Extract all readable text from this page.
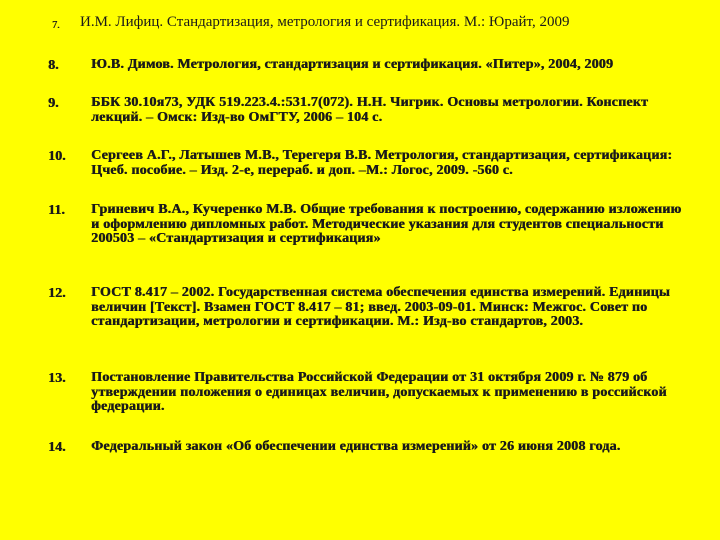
7. И.М. Лифиц. Стандартизация, метрология и сертификация. М.: Юрайт, 2009
8. Ю.В. Димов. Метрология, стандартизация и сертификация. «Питер», 2004, 2009
9. ББК 30.10я73, УДК 519.223.4.:531.7(072). Н.Н. Чигрик. Основы метрологии. Конспект лекций. – Омск: Изд-во ОмГТУ, 2006 – 104 с.
10. Сергеев А.Г., Латышев М.В., Терегеря В.В. Метрология, стандартизация, сертификация: Цчеб. пособие. – Изд. 2-е, перераб. и доп. –М.: Логос, 2009. -560 с.
11. Гриневич В.А., Кучеренко М.В. Общие требования к построению, содержанию изложению и оформлению дипломных работ. Методические указания для студентов специальности 200503 – «Стандартизация и сертификация»
12. ГОСТ 8.417 – 2002. Государственная система обеспечения единства измерений. Единицы величин [Текст]. Взамен ГОСТ 8.417 – 81; введ. 2003-09-01. Минск: Межгос. Совет по стандартизации, метрологии и сертификации. М.: Изд-во стандартов, 2003.
13. Постановление Правительства Российской Федерации от 31 октября 2009 г. № 879 об утверждении положения о единицах величин, допускаемых к применению в российской федерации.
14. Федеральный закон «Об обеспечении единства измерений» от 26 июня 2008 года.
